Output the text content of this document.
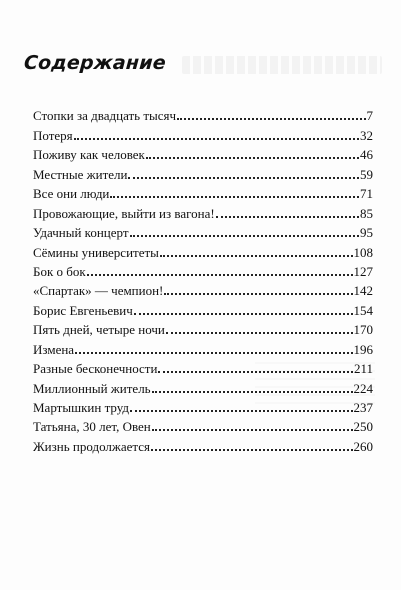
Содержание
Стопки за двадцать тысяч	7
Потеря	32
Поживу как человек	46
Местные жители	59
Все они люди	71
Провожающие, выйти из вагона!	85
Удачный концерт	95
Сёмины университеты	108
Бок о бок	127
«Спартак» — чемпион!	142
Борис Евгеньевич	154
Пять дней, четыре ночи	170
Измена	196
Разные бесконечности	211
Миллионный житель	224
Мартышкин труд	237
Татьяна, 30 лет, Овен	250
Жизнь продолжается	260
